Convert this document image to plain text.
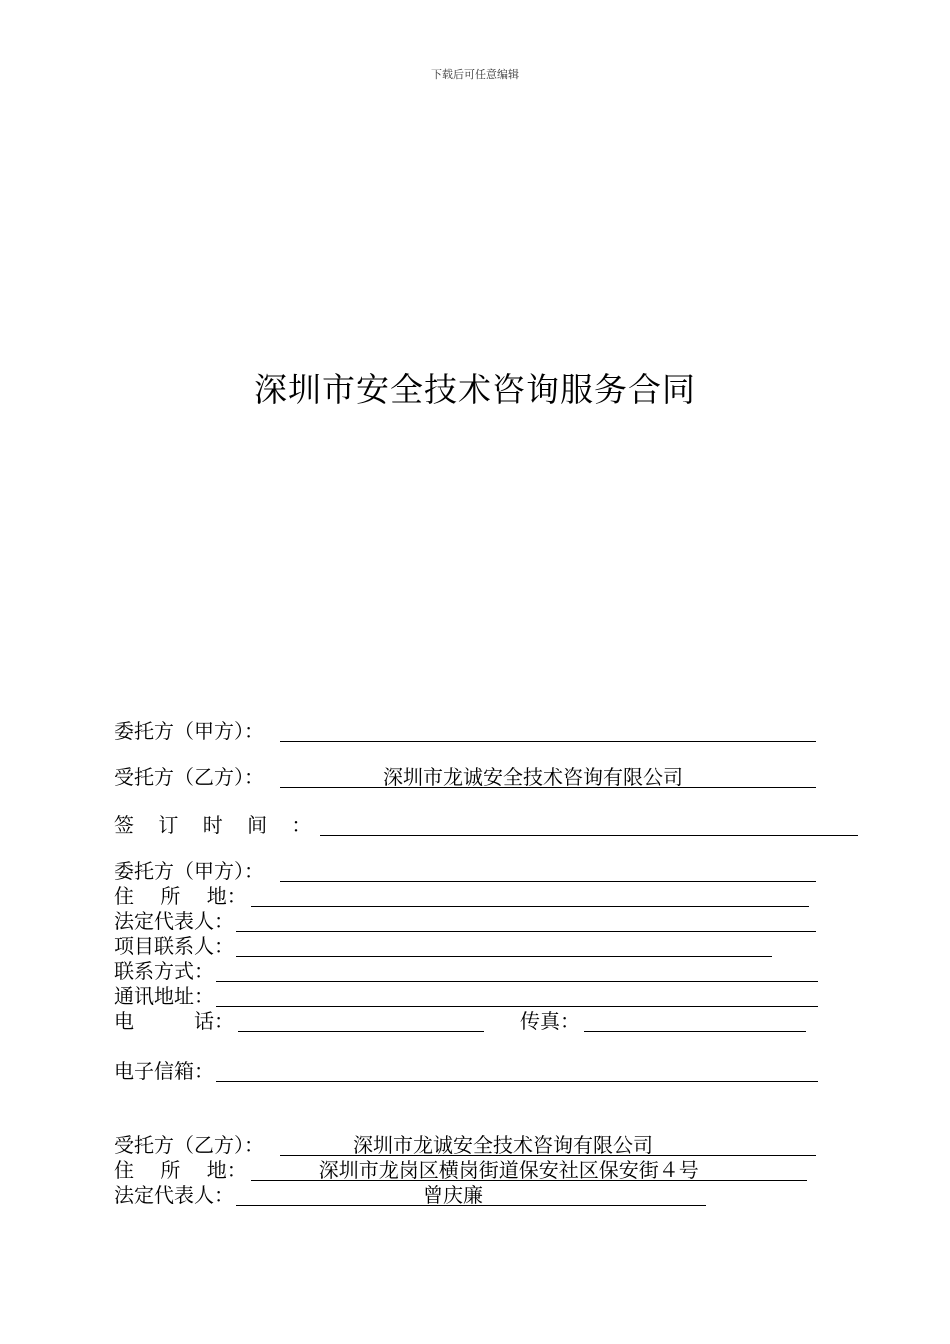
下载后可任意编辑
深圳市安全技术咨询服务合同
委托方（甲方）：
受托方（乙方）：	深圳市龙诚安全技术咨询有限公司
签 订 时 间 ：
委托方（甲方）：
住　 所 　地：
法定代表人：
项目联系人：
联系方式：
通讯地址：
电　　　话：	传真：
电子信箱：
受托方（乙方）：	深圳市龙诚安全技术咨询有限公司
住　 所 　地：	深圳市龙岗区横岗街道保安社区保安街４号
法定代表人：	曾庆廉
